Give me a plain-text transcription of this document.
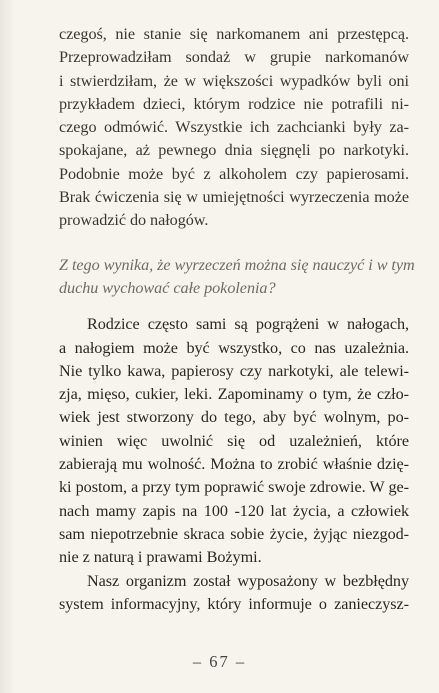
czegoś, nie stanie się narkomanem ani przestępcą.
Przeprowadziłam sondaż w grupie narkomanów
i stwierdziłam, że w większości wypadków byli oni
przykładem dzieci, którym rodzice nie potrafili ni-
czego odmówić. Wszystkie ich zachcianki były za-
spokajane, aż pewnego dnia sięgnęli po narkotyki.
Podobnie może być z alkoholem czy papierosami.
Brak ćwiczenia się w umiejętności wyrzeczenia może
prowadzić do nałogów.

Z tego wynika, że wyrzeczeń można się nauczyć i w tym
duchu wychować całe pokolenia?

Rodzice często sami są pogrążeni w nałogach,
a nałogiem może być wszystko, co nas uzależnia.
Nie tylko kawa, papierosy czy narkotyki, ale telewi-
zja, mięso, cukier, leki. Zapominamy o tym, że czło-
wiek jest stworzony do tego, aby być wolnym, po-
winien więc uwolnić się od uzależnień, które
zabierają mu wolność. Można to zrobić właśnie dzię-
ki postom, a przy tym poprawić swoje zdrowie. W ge-
nach mamy zapis na 100 -120 lat życia, a człowiek
sam niepotrzebnie skraca sobie życie, żyjąc niezgod-
nie z naturą i prawami Bożymi.

Nasz organizm został wyposażony w bezbłędny
system informacyjny, który informuje o zanieczysz-

– 67 –
